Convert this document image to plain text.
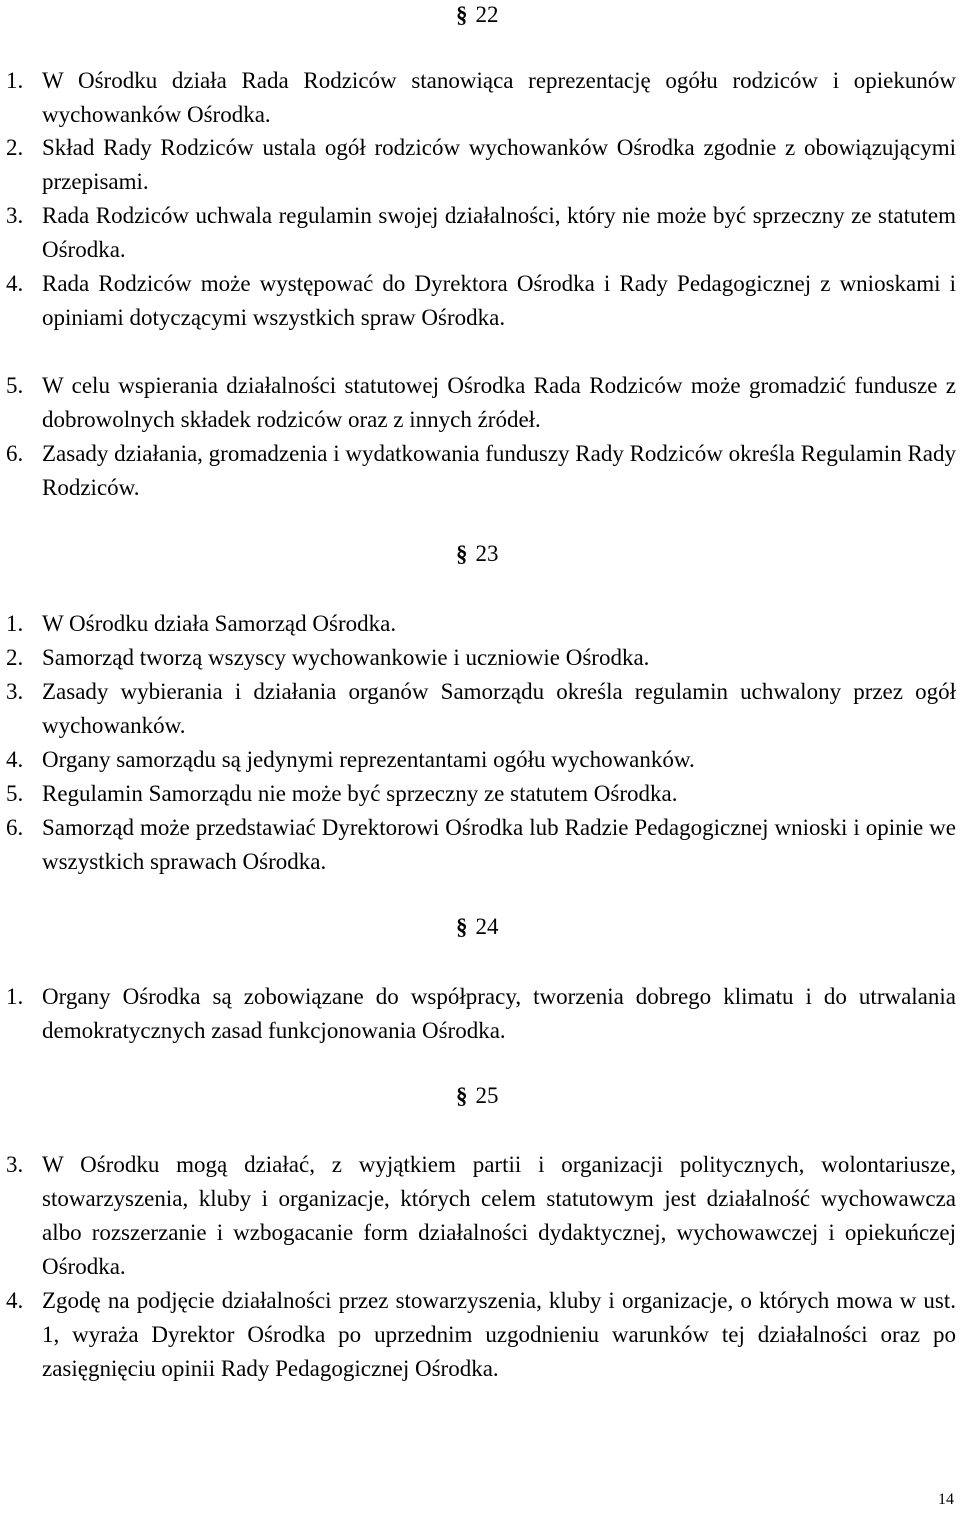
§ 22
1. W Ośrodku działa Rada Rodziców stanowiąca reprezentację ogółu rodziców i opiekunów wychowanków Ośrodka.
2. Skład Rady Rodziców ustala ogół rodziców wychowanków Ośrodka zgodnie z obowiązującymi przepisami.
3. Rada Rodziców uchwala regulamin swojej działalności, który nie może być sprzeczny ze statutem Ośrodka.
4. Rada Rodziców może występować do Dyrektora Ośrodka i Rady Pedagogicznej z wnioskami i opiniami dotyczącymi wszystkich spraw Ośrodka.
5. W celu wspierania działalności statutowej Ośrodka Rada Rodziców może gromadzić fundusze z dobrowolnych składek rodziców oraz z innych źródeł.
6. Zasady działania, gromadzenia i wydatkowania funduszy Rady Rodziców określa Regulamin Rady Rodziców.
§ 23
1. W Ośrodku działa Samorząd Ośrodka.
2. Samorząd tworzą wszyscy wychowankowie i uczniowie Ośrodka.
3. Zasady wybierania i działania organów Samorządu określa regulamin uchwalony przez ogół wychowanków.
4. Organy samorządu są jedynymi reprezentantami ogółu wychowanków.
5. Regulamin Samorządu nie może być sprzeczny ze statutem Ośrodka.
6. Samorząd może przedstawiać Dyrektorowi Ośrodka lub Radzie Pedagogicznej wnioski i opinie we wszystkich sprawach Ośrodka.
§ 24
1. Organy Ośrodka są zobowiązane do współpracy, tworzenia dobrego klimatu i do utrwalania demokratycznych zasad funkcjonowania Ośrodka.
§ 25
3. W Ośrodku mogą działać, z wyjątkiem partii i organizacji politycznych, wolontariusze, stowarzyszenia, kluby i organizacje, których celem statutowym jest działalność wychowawcza albo rozszerzanie i wzbogacanie form działalności dydaktycznej, wychowawczej i opiekuńczej Ośrodka.
4. Zgodę na podjęcie działalności przez stowarzyszenia, kluby i organizacje, o których mowa w ust. 1, wyraża Dyrektor Ośrodka po uprzednim uzgodnieniu warunków tej działalności oraz po zasięgnięciu opinii Rady Pedagogicznej Ośrodka.
14
